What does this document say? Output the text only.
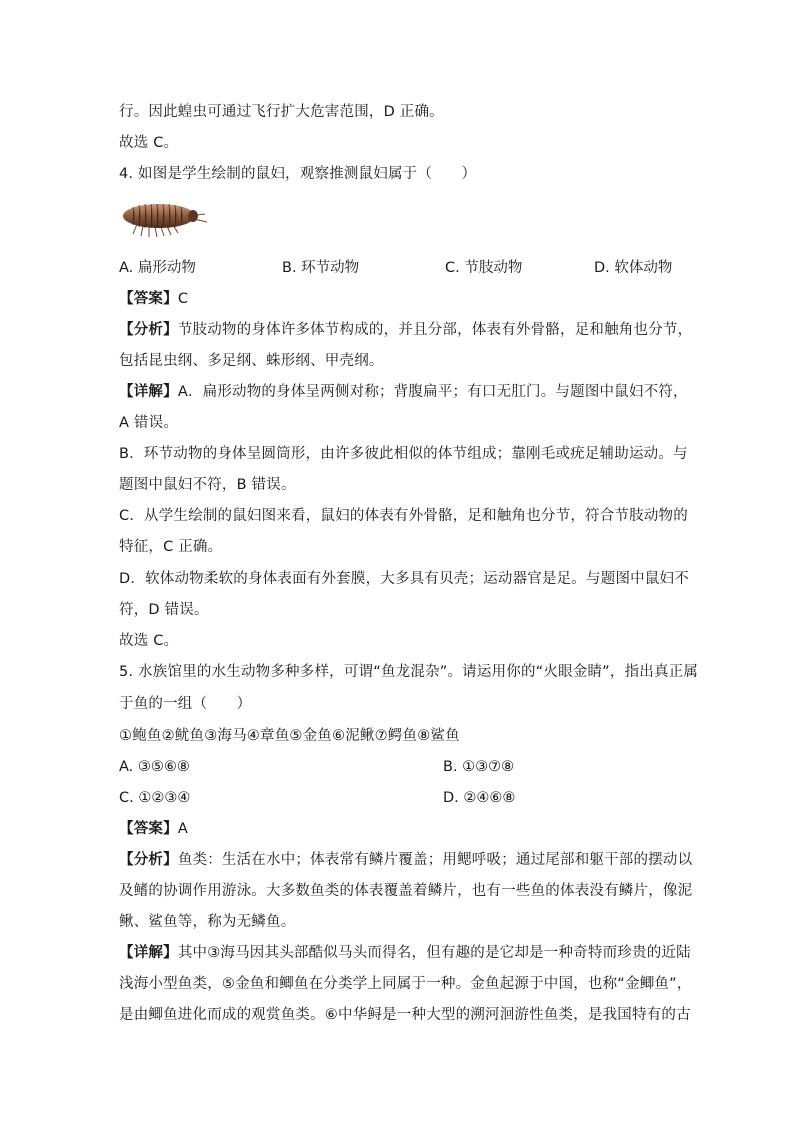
行。因此蝗虫可通过飞行扩大危害范围，D 正确。
故选 C。
4. 如图是学生绘制的鼠妇，观察推测鼠妇属于（　　）
A. 扁形动物	B. 环节动物	C. 节肢动物	D. 软体动物
【答案】C
【分析】节肢动物的身体许多体节构成的，并且分部，体表有外骨骼，足和触角也分节，
包括昆虫纲、多足纲、蛛形纲、甲壳纲。
【详解】A．扁形动物的身体呈两侧对称；背腹扁平；有口无肛门。与题图中鼠妇不符，
A 错误。
B．环节动物的身体呈圆筒形，由许多彼此相似的体节组成；靠刚毛或疣足辅助运动。与
题图中鼠妇不符，B 错误。
C．从学生绘制的鼠妇图来看，鼠妇的体表有外骨骼，足和触角也分节，符合节肢动物的
特征，C 正确。
D．软体动物柔软的身体表面有外套膜，大多具有贝壳；运动器官是足。与题图中鼠妇不
符，D 错误。
故选 C。
5. 水族馆里的水生动物多种多样，可谓“鱼龙混杂”。请运用你的“火眼金睛”，指出真正属
于鱼的一组（　　）
①鲍鱼②鱿鱼③海马④章鱼⑤金鱼⑥泥鳅⑦鳄鱼⑧鲨鱼
A. ③⑤⑥⑧	B. ①③⑦⑧
C. ①②③④	D. ②④⑥⑧
【答案】A
【分析】鱼类：生活在水中；体表常有鳞片覆盖；用鳃呼吸；通过尾部和躯干部的摆动以
及鳍的协调作用游泳。大多数鱼类的体表覆盖着鳞片，也有一些鱼的体表没有鳞片，像泥
鳅、鲨鱼等，称为无鳞鱼。
【详解】其中③海马因其头部酷似马头而得名，但有趣的是它却是一种奇特而珍贵的近陆
浅海小型鱼类，⑤金鱼和鲫鱼在分类学上同属于一种。金鱼起源于中国，也称“金鲫鱼”，
是由鲫鱼进化而成的观赏鱼类。⑥中华鲟是一种大型的溯河洄游性鱼类，是我国特有的古
